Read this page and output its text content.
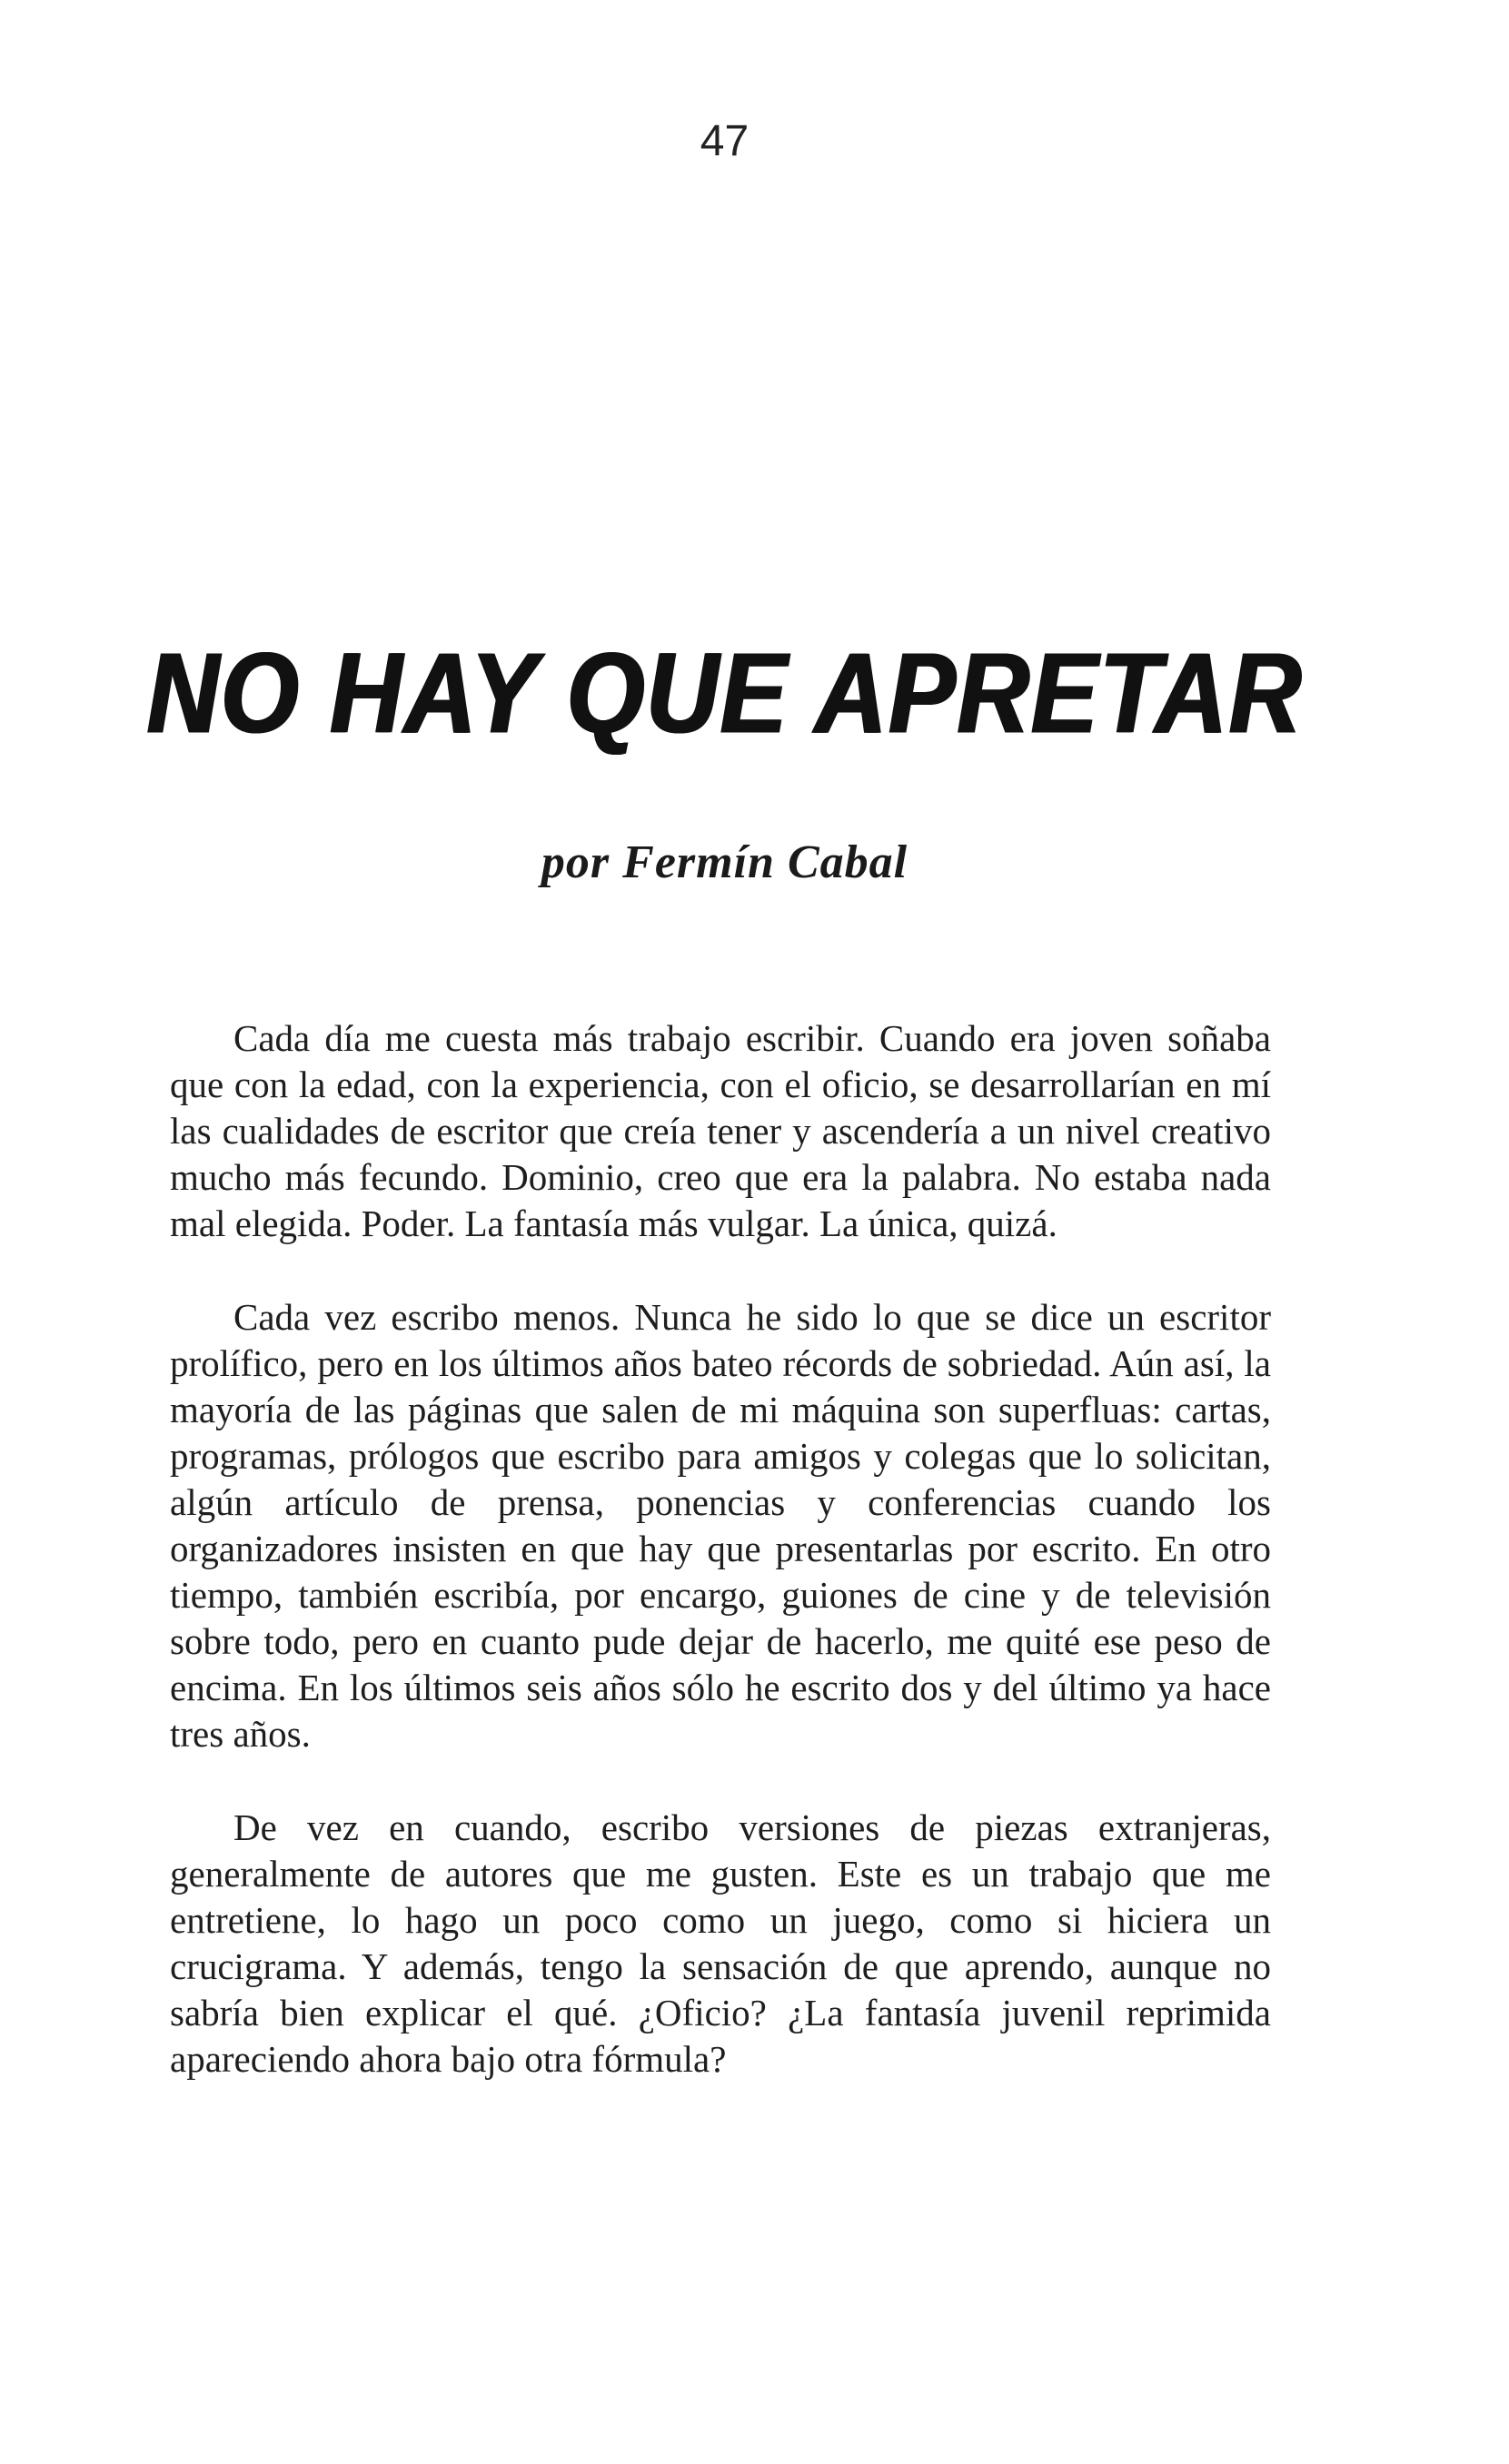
47
NO HAY QUE APRETAR
por Fermín Cabal

Cada día me cuesta más trabajo escribir. Cuando era joven soñaba que con la edad, con la experiencia, con el oficio, se desarrollarían en mí las cualidades de escritor que creía tener y ascendería a un nivel creativo mucho más fecundo. Dominio, creo que era la palabra. No estaba nada mal elegida. Poder. La fantasía más vulgar. La única, quizá.

Cada vez escribo menos. Nunca he sido lo que se dice un escritor prolífico, pero en los últimos años bateo récords de sobriedad. Aún así, la mayoría de las páginas que salen de mi máquina son superfluas: cartas, programas, prólogos que escribo para amigos y colegas que lo solicitan, algún artículo de prensa, ponencias y conferencias cuando los organizadores insisten en que hay que presentarlas por escrito. En otro tiempo, también escribía, por encargo, guiones de cine y de televisión sobre todo, pero en cuanto pude dejar de hacerlo, me quité ese peso de encima. En los últimos seis años sólo he escrito dos y del último ya hace tres años.

De vez en cuando, escribo versiones de piezas extranjeras, generalmente de autores que me gusten. Este es un trabajo que me entretiene, lo hago un poco como un juego, como si hiciera un crucigrama. Y además, tengo la sensación de que aprendo, aunque no sabría bien explicar el qué. ¿Oficio? ¿La fantasía juvenil reprimida apareciendo ahora bajo otra fórmula?
